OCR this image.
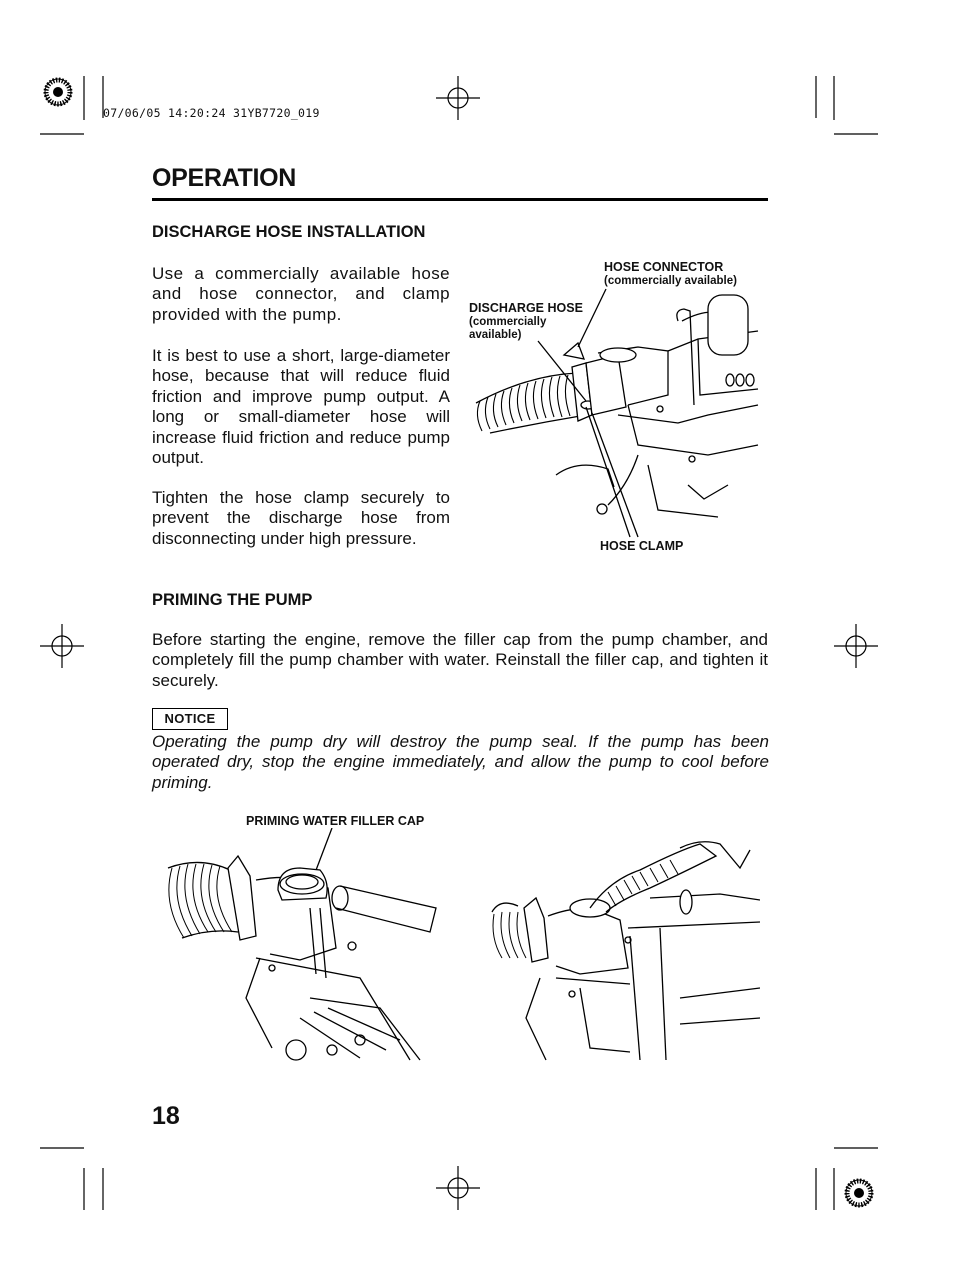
07/06/05 14:20:24 31YB7720_019
OPERATION
DISCHARGE HOSE INSTALLATION
Use a commercially available hose and hose connector, and clamp provided with the pump.
It is best to use a short, large-diameter hose, because that will reduce fluid friction and improve pump output. A long or small-diameter hose will increase fluid friction and reduce pump output.
Tighten the hose clamp securely to prevent the discharge hose from disconnecting under high pressure.
HOSE CONNECTOR
(commercially available)
DISCHARGE HOSE
(commercially
available)
HOSE CLAMP
PRIMING THE PUMP
Before starting the engine, remove the filler cap from the pump chamber, and completely fill the pump chamber with water. Reinstall the filler cap, and tighten it securely.
NOTICE
Operating the pump dry will destroy the pump seal. If the pump has been operated dry, stop the engine immediately, and allow the pump to cool before priming.
PRIMING WATER FILLER CAP
18
